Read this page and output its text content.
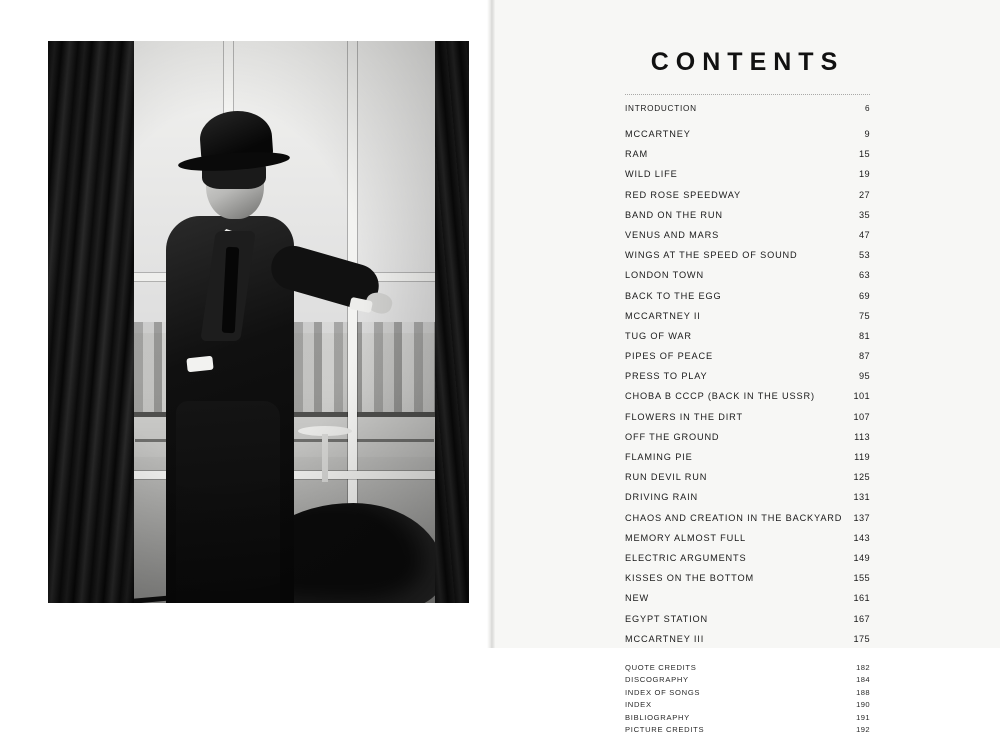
CONTENTS
INTRODUCTION	6
MCCARTNEY	9
RAM	15
WILD LIFE	19
RED ROSE SPEEDWAY	27
BAND ON THE RUN	35
VENUS AND MARS	47
WINGS AT THE SPEED OF SOUND	53
LONDON TOWN	63
BACK TO THE EGG	69
MCCARTNEY II	75
TUG OF WAR	81
PIPES OF PEACE	87
PRESS TO PLAY	95
CHOBA B CCCP (BACK IN THE USSR)	101
FLOWERS IN THE DIRT	107
OFF THE GROUND	113
FLAMING PIE	119
RUN DEVIL RUN	125
DRIVING RAIN	131
CHAOS AND CREATION IN THE BACKYARD	137
MEMORY ALMOST FULL	143
ELECTRIC ARGUMENTS	149
KISSES ON THE BOTTOM	155
NEW	161
EGYPT STATION	167
MCCARTNEY III	175
QUOTE CREDITS	182
DISCOGRAPHY	184
INDEX OF SONGS	188
INDEX	190
BIBLIOGRAPHY	191
PICTURE CREDITS	192
